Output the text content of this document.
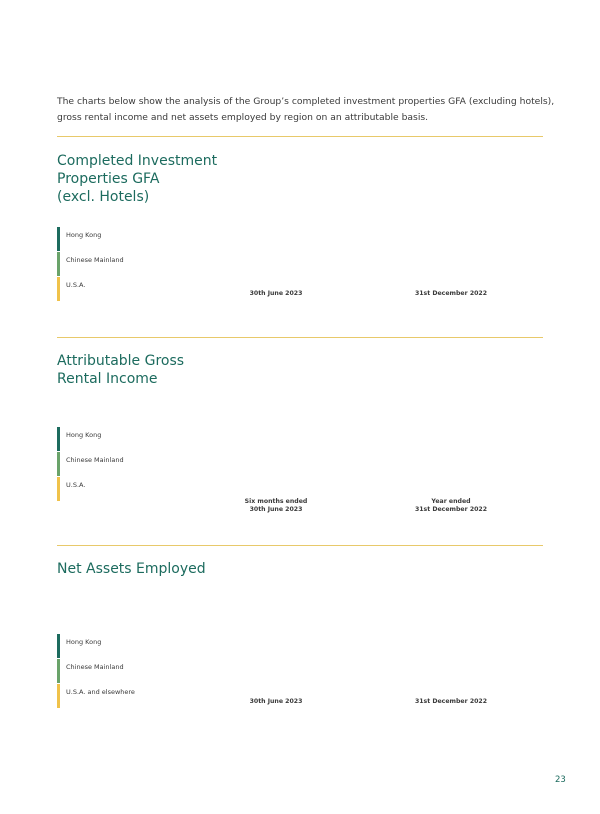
The charts below show the analysis of the Group’s completed investment properties GFA (excluding hotels), gross rental income and net assets employed by region on an attributable basis.
Completed Investment
Properties GFA
(excl. Hotels)
Hong Kong
Chinese Mainland
U.S.A.
30th June 2023	31st December 2022
Attributable Gross
Rental Income
Hong Kong
Chinese Mainland
U.S.A.
Six months ended
30th June 2023
Year ended
31st December 2022
Net Assets Employed
Hong Kong
Chinese Mainland
U.S.A. and elsewhere
30th June 2023	31st December 2022
23
